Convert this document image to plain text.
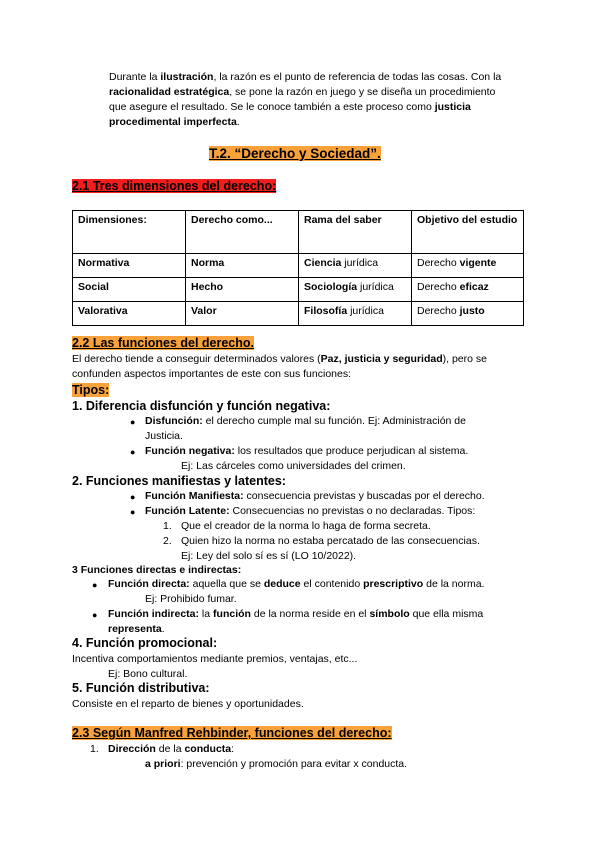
Durante la ilustración, la razón es el punto de referencia de todas las cosas. Con la
racionalidad estratégica, se pone la razón en juego y se diseña un procedimiento
que asegure el resultado. Se le conoce también a este proceso como justicia
procedimental imperfecta.
T.2. “Derecho y Sociedad”.
2.1 Tres dimensiones del derecho:
Dimensiones:	Derecho como...	Rama del saber	Objetivo del estudio
Normativa	Norma	Ciencia jurídica	Derecho vigente
Social	Hecho	Sociología jurídica	Derecho eficaz
Valorativa	Valor	Filosofía jurídica	Derecho justo
2.2 Las funciones del derecho.
El derecho tiende a conseguir determinados valores (Paz, justicia y seguridad), pero se
confunden aspectos importantes de este con sus funciones:
Tipos:
1. Diferencia disfunción y función negativa:
● Disfunción: el derecho cumple mal su función. Ej: Administración de
Justicia.
● Función negativa: los resultados que produce perjudican al sistema.
Ej: Las cárceles como universidades del crimen.
2. Funciones manifiestas y latentes:
● Función Manifiesta: consecuencia previstas y buscadas por el derecho.
● Función Latente: Consecuencias no previstas o no declaradas. Tipos:
1. Que el creador de la norma lo haga de forma secreta.
2. Quien hizo la norma no estaba percatado de las consecuencias.
Ej: Ley del solo sí es sí (LO 10/2022).
3 Funciones directas e indirectas:
● Función directa: aquella que se deduce el contenido prescriptivo de la norma.
Ej: Prohibido fumar.
● Función indirecta: la función de la norma reside en el símbolo que ella misma
representa.
4. Función promocional:
Incentiva comportamientos mediante premios, ventajas, etc...
Ej: Bono cultural.
5. Función distributiva:
Consiste en el reparto de bienes y oportunidades.
2.3 Según Manfred Rehbinder, funciones del derecho:
1. Dirección de la conducta:
a priori: prevención y promoción para evitar x conducta.
